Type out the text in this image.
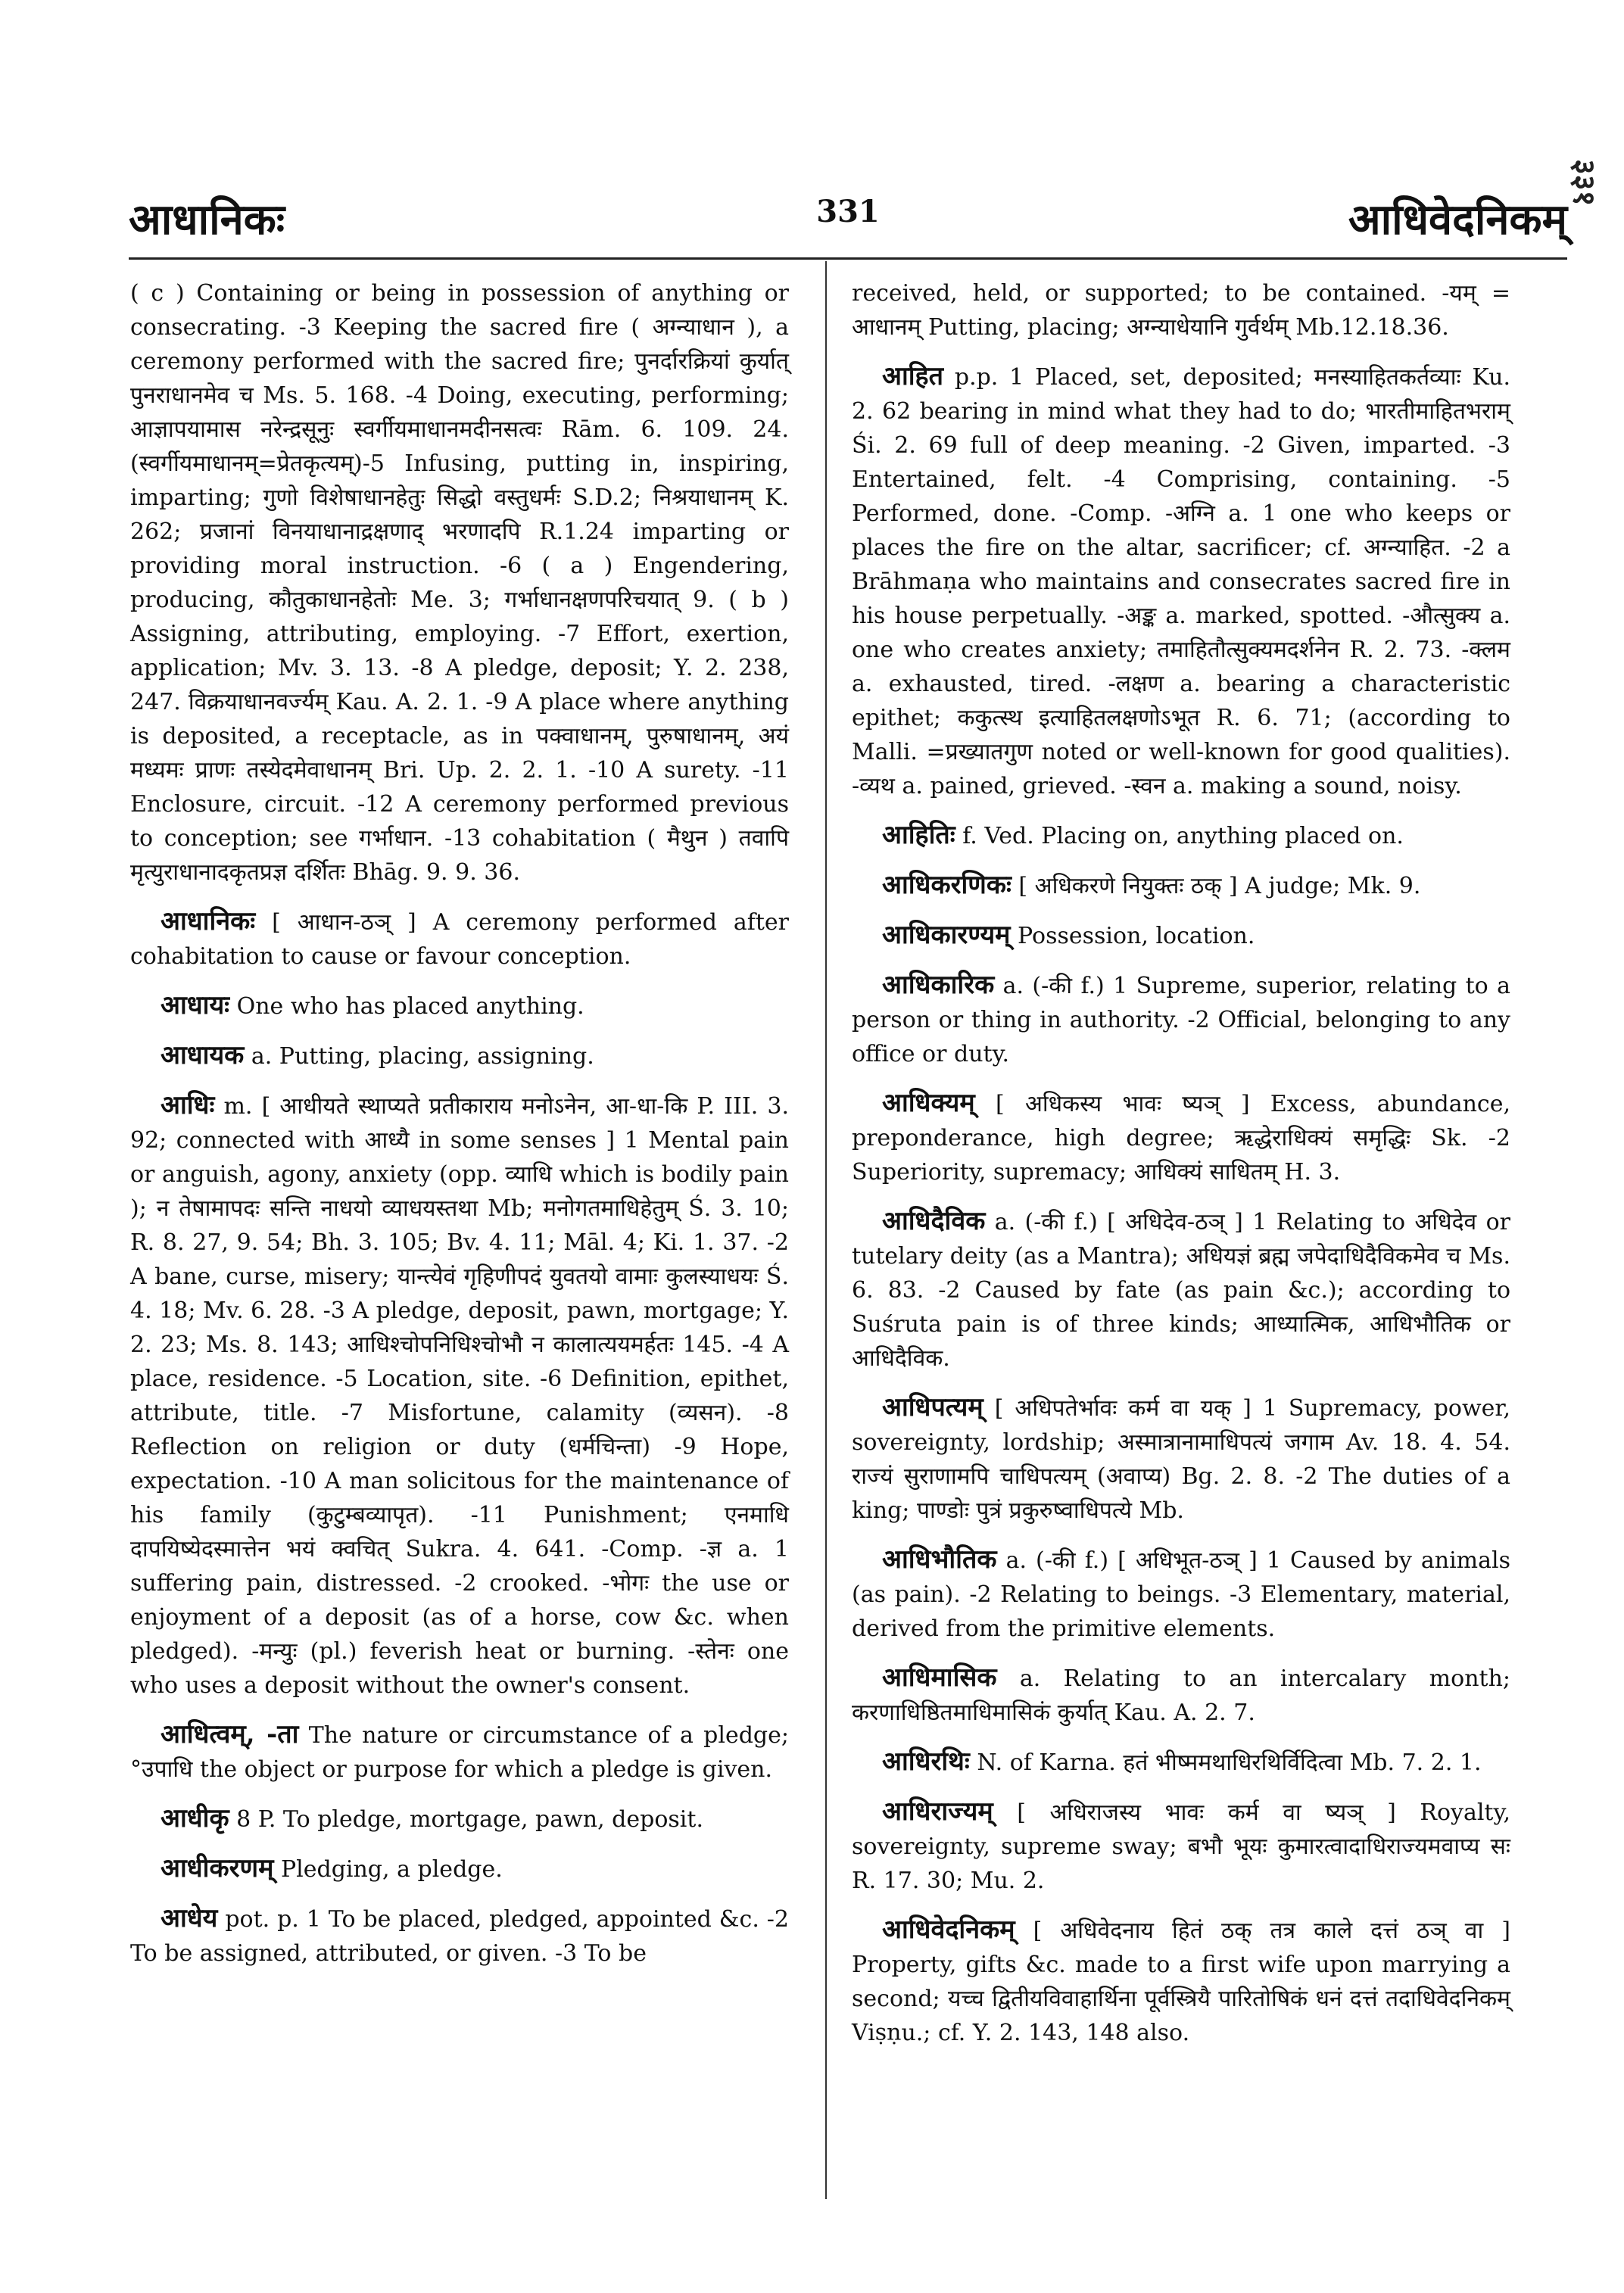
आधानिकः	331	आधिवेदनिकम्
३३१

( c ) Containing or being in possession of anything or consecrating. -3 Keeping the sacred fire ( अग्न्याधान ), a ceremony performed with the sacred fire; पुनर्दारक्रियां कुर्यात् पुनराधानमेव च Ms. 5. 168. -4 Doing, executing, performing; आज्ञापयामास नरेन्द्रसूनुः स्वर्गीयमाधानमदीनसत्वः Rām. 6. 109. 24. (स्वर्गीयमाधानम्=प्रेतकृत्यम्)-5 Infusing, putting in, inspiring, imparting; गुणो विशेषाधानहेतुः सिद्धो वस्तुधर्मः S.D.2; निश्रयाधानम् K. 262; प्रजानां विनयाधानाद्रक्षणाद् भरणादपि R.1.24 imparting or providing moral instruction. -6 ( a ) Engendering, producing, कौतुकाधानहेतोः Me. 3; गर्भाधानक्षणपरिचयात् 9. ( b ) Assigning, attributing, employing. -7 Effort, exertion, application; Mv. 3. 13. -8 A pledge, deposit; Y. 2. 238, 247. विक्रयाधानवर्ज्यम् Kau. A. 2. 1. -9 A place where anything is deposited, a receptacle, as in पक्वाधानम्, पुरुषाधानम्, अयं मध्यमः प्राणः तस्येदमेवाधानम् Bri. Up. 2. 2. 1. -10 A surety. -11 Enclosure, circuit. -12 A ceremony performed previous to conception; see गर्भाधान. -13 cohabitation ( मैथुन ) तवापि मृत्युराधानादकृतप्रज्ञ दर्शितः Bhāg. 9. 9. 36.

आधानिकः [ आधान-ठञ् ] A ceremony performed after cohabitation to cause or favour conception.

आधायः One who has placed anything.

आधायक a. Putting, placing, assigning.

आधिः m. [ आधीयते स्थाप्यते प्रतीकाराय मनोऽनेन, आ-धा-कि P. III. 3. 92; connected with आध्यै in some senses ] 1 Mental pain or anguish, agony, anxiety (opp. व्याधि which is bodily pain ); न तेषामापदः सन्ति नाधयो व्याधयस्तथा Mb; मनोगतमाधिहेतुम् Ś. 3. 10; R. 8. 27, 9. 54; Bh. 3. 105; Bv. 4. 11; Māl. 4; Ki. 1. 37. -2 A bane, curse, misery; यान्त्येवं गृहिणीपदं युवतयो वामाः कुलस्याधयः Ś. 4. 18; Mv. 6. 28. -3 A pledge, deposit, pawn, mortgage; Y. 2. 23; Ms. 8. 143; आधिश्चोपनिधिश्चोभौ न कालात्ययमर्हतः 145. -4 A place, residence. -5 Location, site. -6 Definition, epithet, attribute, title. -7 Misfortune, calamity (व्यसन). -8 Reflection on religion or duty (धर्मचिन्ता) -9 Hope, expectation. -10 A man solicitous for the maintenance of his family (कुटुम्बव्यापृत). -11 Punishment; एनमाधि दापयिष्येदस्मात्तेन भयं क्वचित् Sukra. 4. 641. -Comp. -ज्ञ a. 1 suffering pain, distressed. -2 crooked. -भोगः the use or enjoyment of a deposit (as of a horse, cow &c. when pledged). -मन्युः (pl.) feverish heat or burning. -स्तेनः one who uses a deposit without the owner's consent.

आधित्वम्, -ता The nature or circumstance of a pledge; °उपाधि the object or purpose for which a pledge is given.

आधीकृ 8 P. To pledge, mortgage, pawn, deposit.

आधीकरणम् Pledging, a pledge.

आधेय pot. p. 1 To be placed, pledged, appointed &c. -2 To be assigned, attributed, or given. -3 To be

received, held, or supported; to be contained. -यम् = आधानम् Putting, placing; अग्न्याधेयानि गुर्वर्थम् Mb.12.18.36.

आहित p.p. 1 Placed, set, deposited; मनस्याहितकर्तव्याः Ku. 2. 62 bearing in mind what they had to do; भारतीमाहितभराम् Śi. 2. 69 full of deep meaning. -2 Given, imparted. -3 Entertained, felt. -4 Comprising, containing. -5 Performed, done. -Comp. -अग्नि a. 1 one who keeps or places the fire on the altar, sacrificer; cf. अग्न्याहित. -2 a Brāhmaṇa who maintains and consecrates sacred fire in his house perpetually. -अङ्क a. marked, spotted. -औत्सुक्य a. one who creates anxiety; तमाहितौत्सुक्यमदर्शनेन R. 2. 73. -क्लम a. exhausted, tired. -लक्षण a. bearing a characteristic epithet; ककुत्स्थ इत्याहितलक्षणोऽभूत R. 6. 71; (according to Malli. =प्रख्यातगुण noted or well-known for good qualities). -व्यथ a. pained, grieved. -स्वन a. making a sound, noisy.

आहितिः f. Ved. Placing on, anything placed on.

आधिकरणिकः [ अधिकरणे नियुक्तः ठक् ] A judge; Mk. 9.

आधिकारण्यम् Possession, location.

आधिकारिक a. (-की f.) 1 Supreme, superior, relating to a person or thing in authority. -2 Official, belonging to any office or duty.

आधिक्यम् [ अधिकस्य भावः ष्यञ् ] Excess, abundance, preponderance, high degree; ऋद्धेराधिक्यं समृद्धिः Sk. -2 Superiority, supremacy; आधिक्यं साधितम् H. 3.

आधिदैविक a. (-की f.) [ अधिदेव-ठञ् ] 1 Relating to अधिदेव or tutelary deity (as a Mantra); अधियज्ञं ब्रह्म जपेदाधिदैविकमेव च Ms. 6. 83. -2 Caused by fate (as pain &c.); according to Suśruta pain is of three kinds; आध्यात्मिक, आधिभौतिक or आधिदैविक.

आधिपत्यम् [ अधिपतेर्भावः कर्म वा यक् ] 1 Supremacy, power, sovereignty, lordship; अस्मात्रानामाधिपत्यं जगाम Av. 18. 4. 54. राज्यं सुराणामपि चाधिपत्यम् (अवाप्य) Bg. 2. 8. -2 The duties of a king; पाण्डोः पुत्रं प्रकुरुष्वाधिपत्ये Mb.

आधिभौतिक a. (-की f.) [ अधिभूत-ठञ् ] 1 Caused by animals (as pain). -2 Relating to beings. -3 Elementary, material, derived from the primitive elements.

आधिमासिक a. Relating to an intercalary month; करणाधिष्ठितमाधिमासिकं कुर्यात् Kau. A. 2. 7.

आधिरथिः N. of Karna. हतं भीष्ममथाधिरथिर्विदित्वा Mb. 7. 2. 1.

आधिराज्यम् [ अधिराजस्य भावः कर्म वा ष्यञ् ] Royalty, sovereignty, supreme sway; बभौ भूयः कुमारत्वादाधिराज्यमवाप्य सः R. 17. 30; Mu. 2.

आधिवेदनिकम् [ अधिवेदनाय हितं ठक् तत्र काले दत्तं ठञ् वा ] Property, gifts &c. made to a first wife upon marrying a second; यच्च द्वितीयविवाहार्थिना पूर्वस्त्रियै पारितोषिकं धनं दत्तं तदाधिवेदनिकम् Viṣṇu.; cf. Y. 2. 143, 148 also.
